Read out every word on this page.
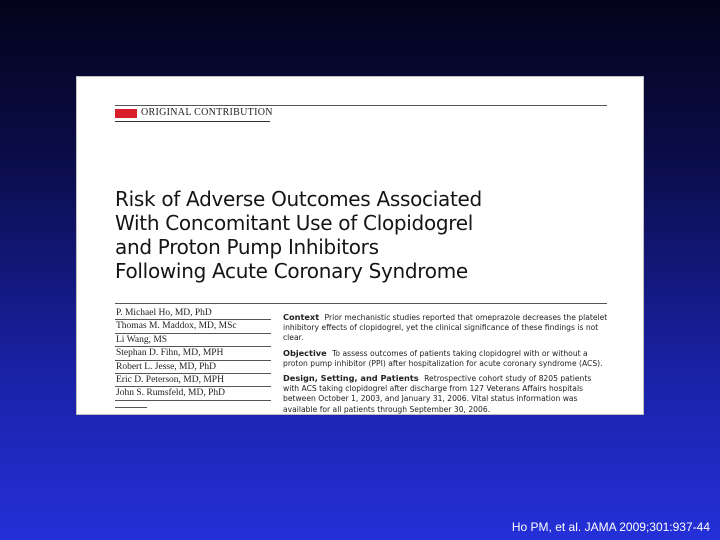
ORIGINAL CONTRIBUTION
Risk of Adverse Outcomes Associated
With Concomitant Use of Clopidogrel
and Proton Pump Inhibitors
Following Acute Coronary Syndrome
P. Michael Ho, MD, PhD
Thomas M. Maddox, MD, MSc
Li Wang, MS
Stephan D. Fihn, MD, MPH
Robert L. Jesse, MD, PhD
Eric D. Peterson, MD, MPH
John S. Rumsfeld, MD, PhD

Context Prior mechanistic studies reported that omeprazole decreases the platelet inhibitory effects of clopidogrel, yet the clinical significance of these findings is not clear.

Objective To assess outcomes of patients taking clopidogrel with or without a proton pump inhibitor (PPI) after hospitalization for acute coronary syndrome (ACS).

Design, Setting, and Patients Retrospective cohort study of 8205 patients with ACS taking clopidogrel after discharge from 127 Veterans Affairs hospitals between October 1, 2003, and January 31, 2006. Vital status information was available for all patients through September 30, 2006.

Ho PM, et al. JAMA 2009;301:937-44
